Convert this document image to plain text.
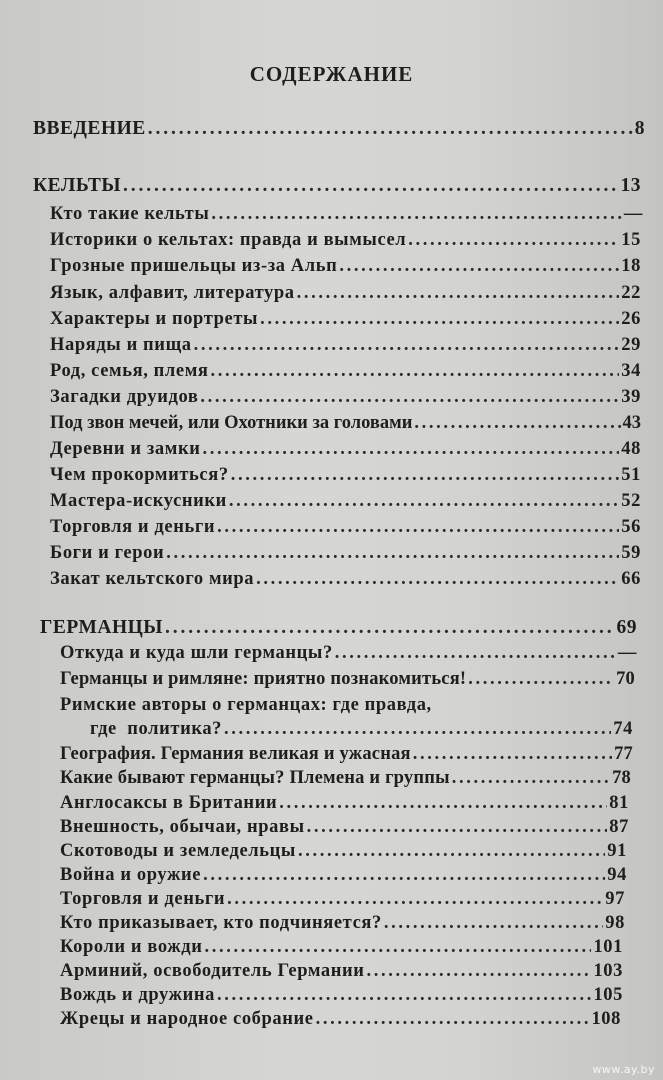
СОДЕРЖАНИЕ
ВВЕДЕНИЕ . . .	8
КЕЛЬТЫ . . .	13
Кто такие кельты . . .	—
Историки о кельтах: правда и вымысел . . .	15
Грозные пришельцы из-за Альп . . .	18
Язык, алфавит, литература . . .	22
Характеры и портреты . . .	26
Наряды и пища . . .	29
Род, семья, племя . . .	34
Загадки друидов . . .	39
Под звон мечей, или Охотники за головами . . .	43
Деревни и замки . . .	48
Чем прокормиться? . . .	51
Мастера-искусники . . .	52
Торговля и деньги . . .	56
Боги и герои . . .	59
Закат кельтского мира . . .	66
ГЕРМАНЦЫ . . .	69
Откуда и куда шли германцы? . . .	—
Германцы и римляне: приятно познакомиться! . . .	70
Римские авторы о германцах: где правда,
где  политика? . . .	74
География. Германия великая и ужасная . . .	77
Какие бывают германцы? Племена и группы . . .	78
Англосаксы в Британии . . .	81
Внешность, обычаи, нравы . . .	87
Скотоводы и земледельцы . . .	91
Война и оружие . . .	94
Торговля и деньги . . .	97
Кто приказывает, кто подчиняется? . . .	98
Короли и вожди . . .	101
Арминий, освободитель Германии . . .	103
Вождь и дружина . . .	105
Жрецы и народное собрание . . .	108
www.ay.by
